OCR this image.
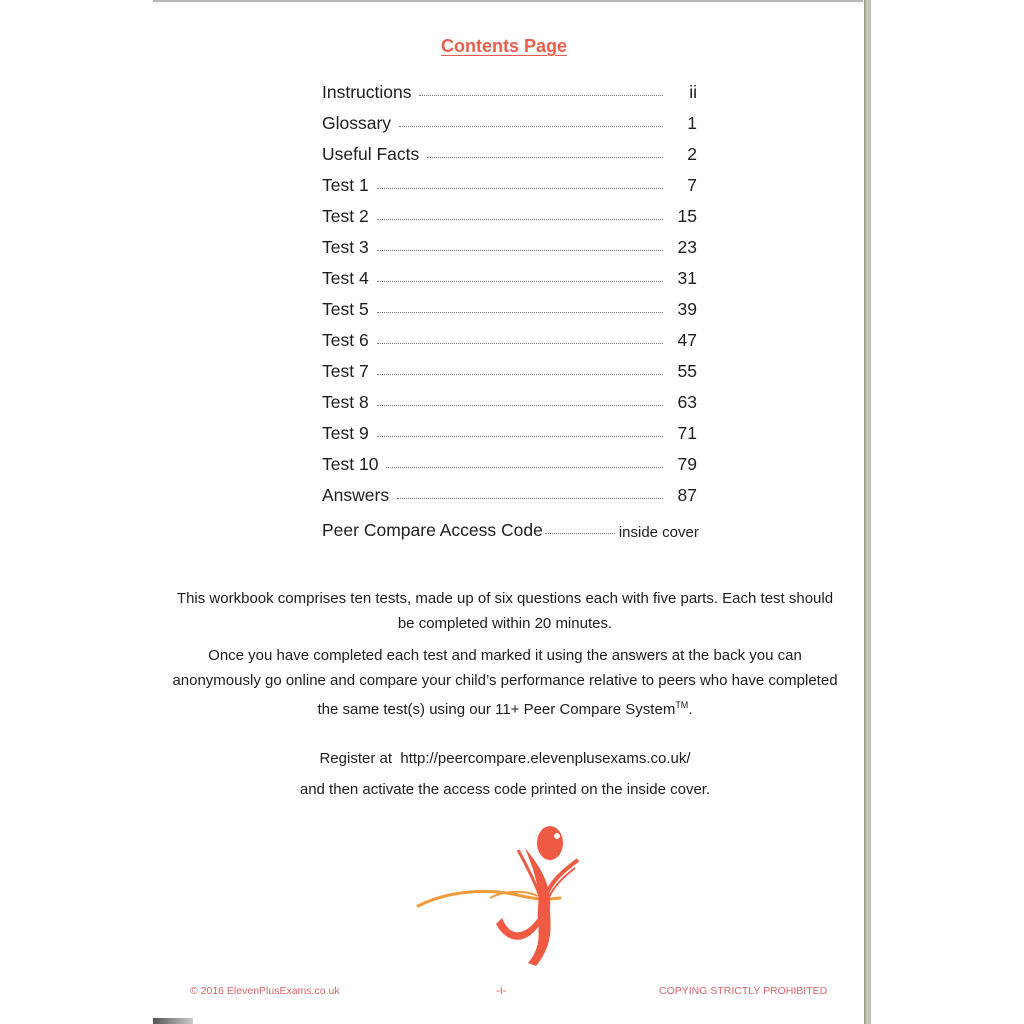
Contents Page
Instructions	ii
Glossary	1
Useful Facts	2
Test 1	7
Test 2	15
Test 3	23
Test 4	31
Test 5	39
Test 6	47
Test 7	55
Test 8	63
Test 9	71
Test 10	79
Answers	87
Peer Compare Access Code	inside cover
This workbook comprises ten tests, made up of six questions each with five parts. Each test should be completed within 20 minutes.
Once you have completed each test and marked it using the answers at the back you can anonymously go online and compare your child’s performance relative to peers who have completed the same test(s) using our 11+ Peer Compare System™.
Register at http://peercompare.elevenplusexams.co.uk/
and then activate the access code printed on the inside cover.
© 2016 ElevenPlusExams.co.uk	-i-	COPYING STRICTLY PROHIBITED
